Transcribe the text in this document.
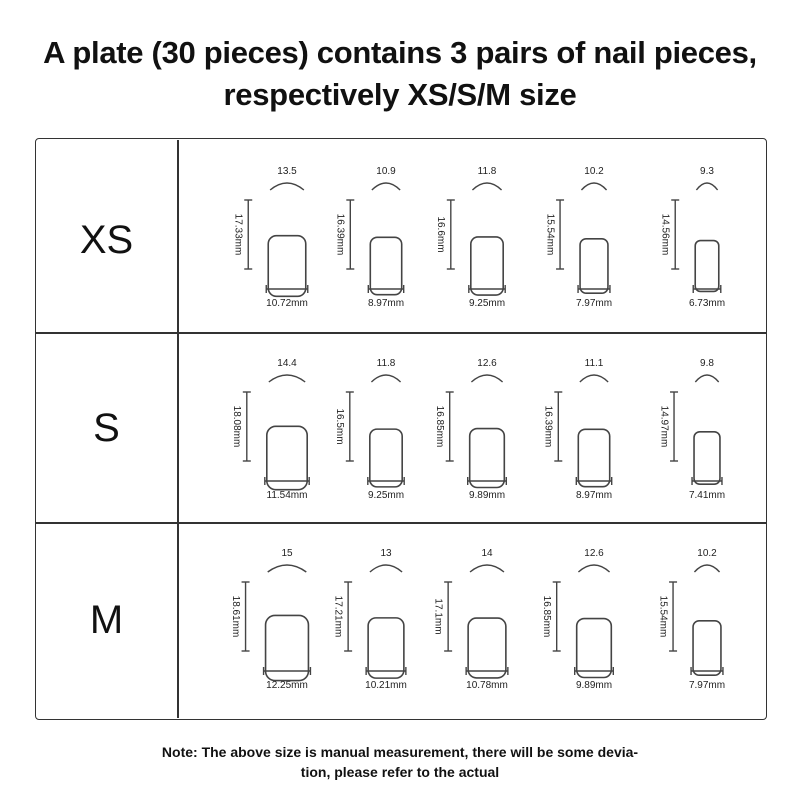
A plate (30 pieces) contains 3 pairs of nail pieces,
respectively XS/S/M size
XS
S
M
13.5
17.33mm
10.72mm
10.9
16.39mm
8.97mm
11.8
16.6mm
9.25mm
10.2
15.54mm
7.97mm
9.3
14.56mm
6.73mm
14.4
18.08mm
11.54mm
11.8
16.5mm
9.25mm
12.6
16.85mm
9.89mm
11.1
16.39mm
8.97mm
9.8
14.97mm
7.41mm
15
18.61mm
12.25mm
13
17.21mm
10.21mm
14
17.1mm
10.78mm
12.6
16.85mm
9.89mm
10.2
15.54mm
7.97mm
Note: The above size is manual measurement, there will be some devia-
tion, please refer to the actual
